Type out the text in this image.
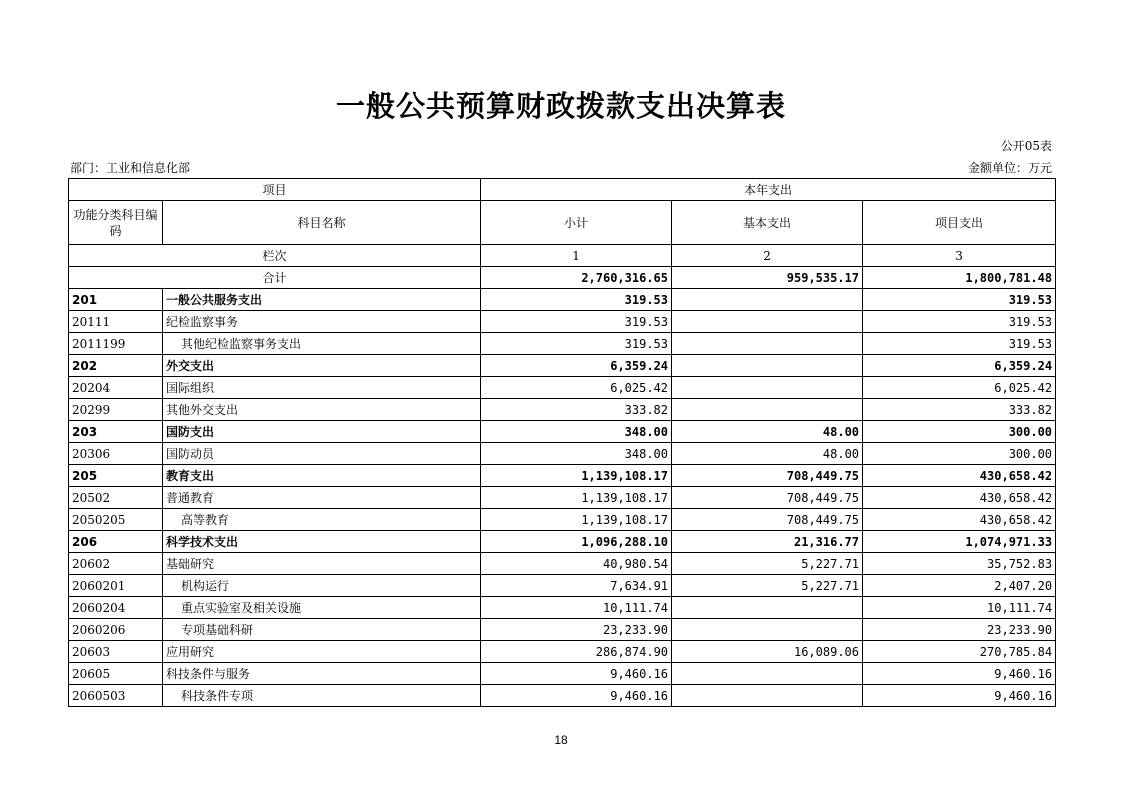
一般公共预算财政拨款支出决算表
公开05表
部门：工业和信息化部	金额单位：万元
项目		本年支出		
功能分类科目编码	科目名称	小计	基本支出	项目支出
栏次		1	2	3
合计		2,760,316.65	959,535.17	1,800,781.48
201	一般公共服务支出	319.53		319.53
20111	纪检监察事务	319.53		319.53
2011199	其他纪检监察事务支出	319.53		319.53
202	外交支出	6,359.24		6,359.24
20204	国际组织	6,025.42		6,025.42
20299	其他外交支出	333.82		333.82
203	国防支出	348.00	48.00	300.00
20306	国防动员	348.00	48.00	300.00
205	教育支出	1,139,108.17	708,449.75	430,658.42
20502	普通教育	1,139,108.17	708,449.75	430,658.42
2050205	高等教育	1,139,108.17	708,449.75	430,658.42
206	科学技术支出	1,096,288.10	21,316.77	1,074,971.33
20602	基础研究	40,980.54	5,227.71	35,752.83
2060201	机构运行	7,634.91	5,227.71	2,407.20
2060204	重点实验室及相关设施	10,111.74		10,111.74
2060206	专项基础科研	23,233.90		23,233.90
20603	应用研究	286,874.90	16,089.06	270,785.84
20605	科技条件与服务	9,460.16		9,460.16
2060503	科技条件专项	9,460.16		9,460.16
18
